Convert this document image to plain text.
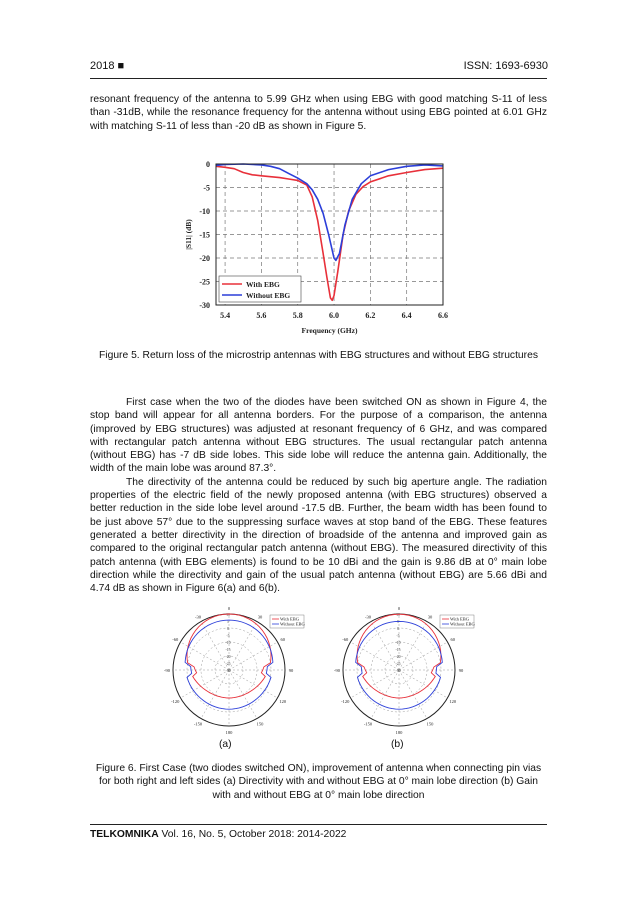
2018 ■	ISSN: 1693-6930

resonant frequency of the antenna to 5.99 GHz when using EBG with good matching S-11 of less than -31dB, while the resonance frequency for the antenna without using EBG pointed at 6.01 GHz with matching S-11 of less than -20 dB as shown in Figure 5.

5.4	5.6	5.8	6.0	6.2	6.4	6.6
0
-5
-10
-15
-20
-25
-30
Frequency (GHz)
|S11| (dB)
With EBG
Without EBG
Figure 5. Return loss of the microstrip antennas with EBG structures and without EBG structures

First case when the two of the diodes have been switched ON as shown in Figure 4, the stop band will appear for all antenna borders. For the purpose of a comparison, the antenna (improved by EBG structures) was adjusted at resonant frequency of 6 GHz, and was compared with rectangular patch antenna without EBG structures. The usual rectangular patch antenna (without EBG) has -7 dB side lobes. This side lobe will reduce the antenna gain. Additionally, the width of the main lobe was around 87.3°.

The directivity of the antenna could be reduced by such big aperture angle. The radiation properties of the electric field of the newly proposed antenna (with EBG structures) observed a better reduction in the side lobe level around -17.5 dB. Further, the beam width has been found to be just above 57° due to the suppressing surface waves at stop band of the EBG. These features generated a better directivity in the direction of broadside of the antenna and improved gain as compared to the original rectangular patch antenna (without EBG). The measured directivity of this patch antenna (with EBG elements) is found to be 10 dBi and the gain is 9.86 dB at 0° main lobe direction while the directivity and gain of the usual patch antenna (without EBG) are 5.66 dBi and 4.74 dB as shown in Figure 6(a) and 6(b).

0
30
60
90
120
150
180
-150
-120
-90
-60
-30	10
5
0
-5
-10
-15
-20
-25
-30
With EBG
Without EBG
0
30
60
90
120
150
180
-150
-120
-90
-60
-30	10
5
0
-5
-10
-15
-20
-25
-30
With EBG
Without EBG
(a)	(b)
Figure 6. First Case (two diodes switched ON), improvement of antenna when connecting pin vias for both right and left sides (a) Directivity with and without EBG at 0° main lobe direction (b) Gain with and without EBG at 0° main lobe direction
TELKOMNIKA Vol. 16, No. 5, October 2018: 2014-2022
